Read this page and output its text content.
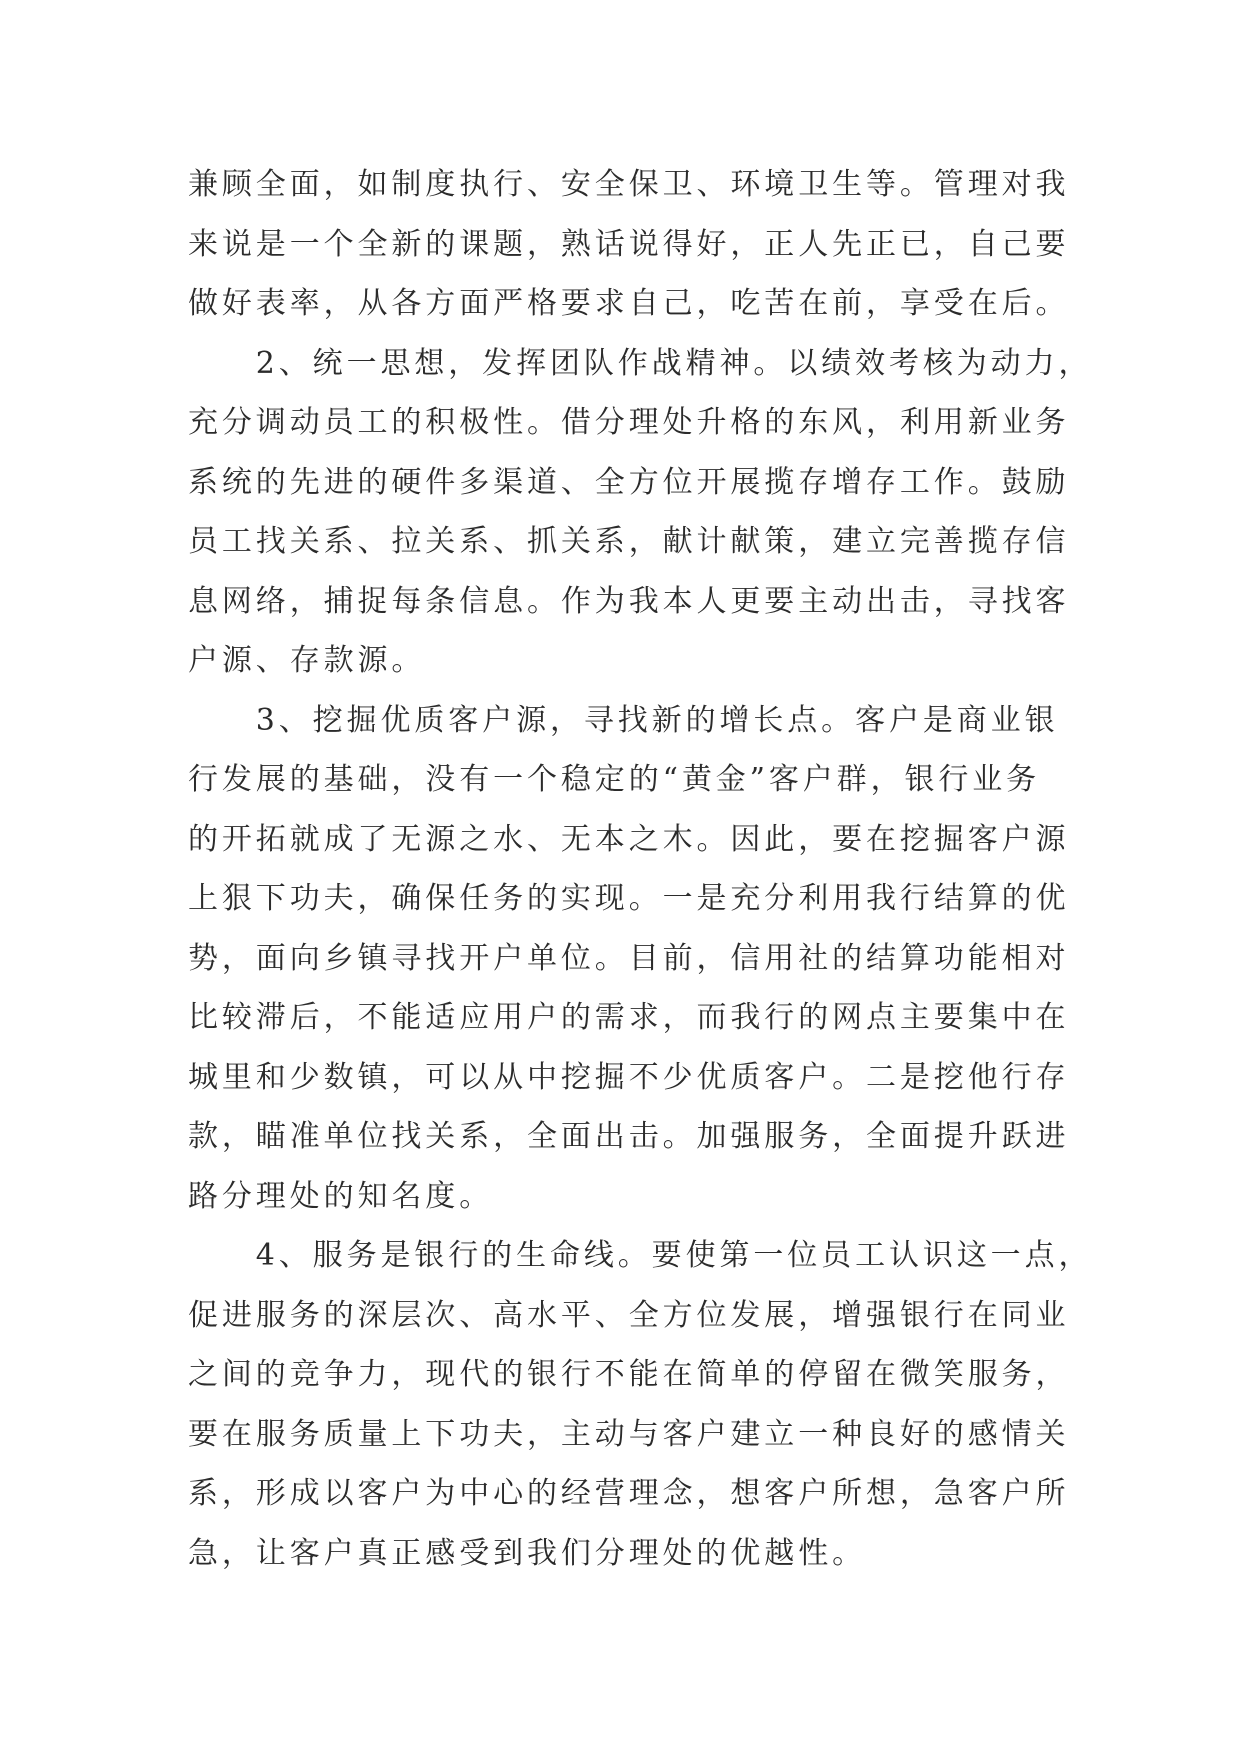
兼顾全面，如制度执行、安全保卫、环境卫生等。管理对我
来说是一个全新的课题，熟话说得好，正人先正已，自己要
做好表率，从各方面严格要求自己，吃苦在前，享受在后。
　　2、统一思想，发挥团队作战精神。以绩效考核为动力，
充分调动员工的积极性。借分理处升格的东风，利用新业务
系统的先进的硬件多渠道、全方位开展揽存增存工作。鼓励
员工找关系、拉关系、抓关系，献计献策，建立完善揽存信
息网络，捕捉每条信息。作为我本人更要主动出击，寻找客
户源、存款源。
　　3、挖掘优质客户源，寻找新的增长点。客户是商业银
行发展的基础，没有一个稳定的“黄金”客户群，银行业务
的开拓就成了无源之水、无本之木。因此，要在挖掘客户源
上狠下功夫，确保任务的实现。一是充分利用我行结算的优
势，面向乡镇寻找开户单位。目前，信用社的结算功能相对
比较滞后，不能适应用户的需求，而我行的网点主要集中在
城里和少数镇，可以从中挖掘不少优质客户。二是挖他行存
款，瞄准单位找关系，全面出击。加强服务，全面提升跃进
路分理处的知名度。
　　4、服务是银行的生命线。要使第一位员工认识这一点，
促进服务的深层次、高水平、全方位发展，增强银行在同业
之间的竞争力，现代的银行不能在简单的停留在微笑服务，
要在服务质量上下功夫，主动与客户建立一种良好的感情关
系，形成以客户为中心的经营理念，想客户所想，急客户所
急，让客户真正感受到我们分理处的优越性。
